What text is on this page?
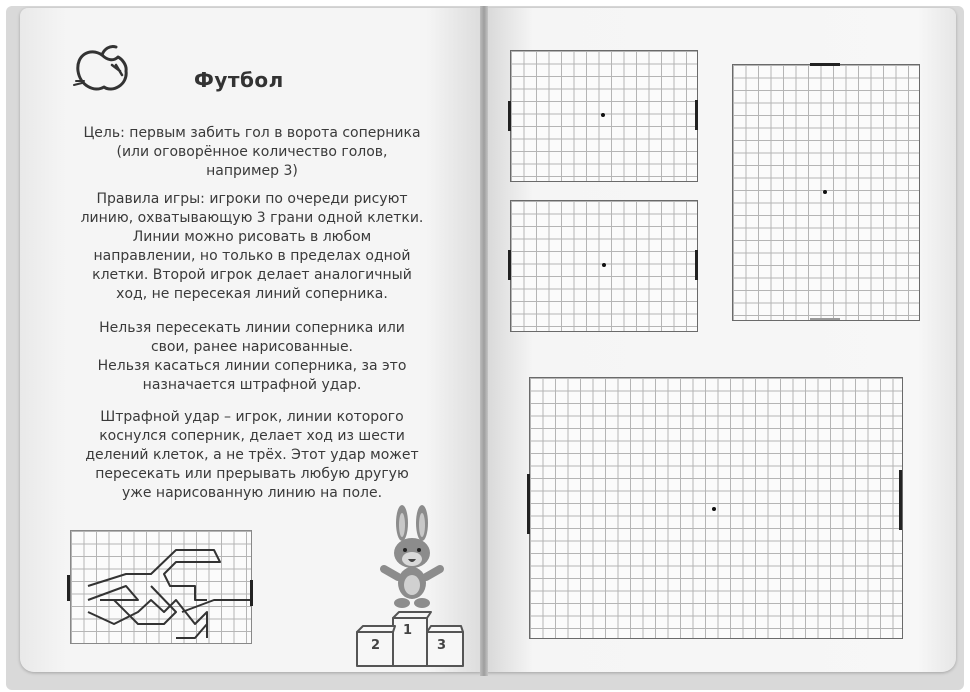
Футбол
Цель: первым забить гол в ворота соперника
(или оговорённое количество голов,
например 3)
Правила игры: игроки по очереди рисуют
линию, охватывающую 3 грани одной клетки.
Линии можно рисовать в любом
направлении, но только в пределах одной
клетки. Второй игрок делает аналогичный
ход, не пересекая линий соперника.
Нельзя пересекать линии соперника или
свои, ранее нарисованные.
Нельзя касаться линии соперника, за это
назначается штрафной удар.
Штрафной удар – игрок, линии которого
коснулся соперник, делает ход из шести
делений клеток, а не трёх. Этот удар может
пересекать или прерывать любую другую
уже нарисованную линию на поле.
1
2	3
